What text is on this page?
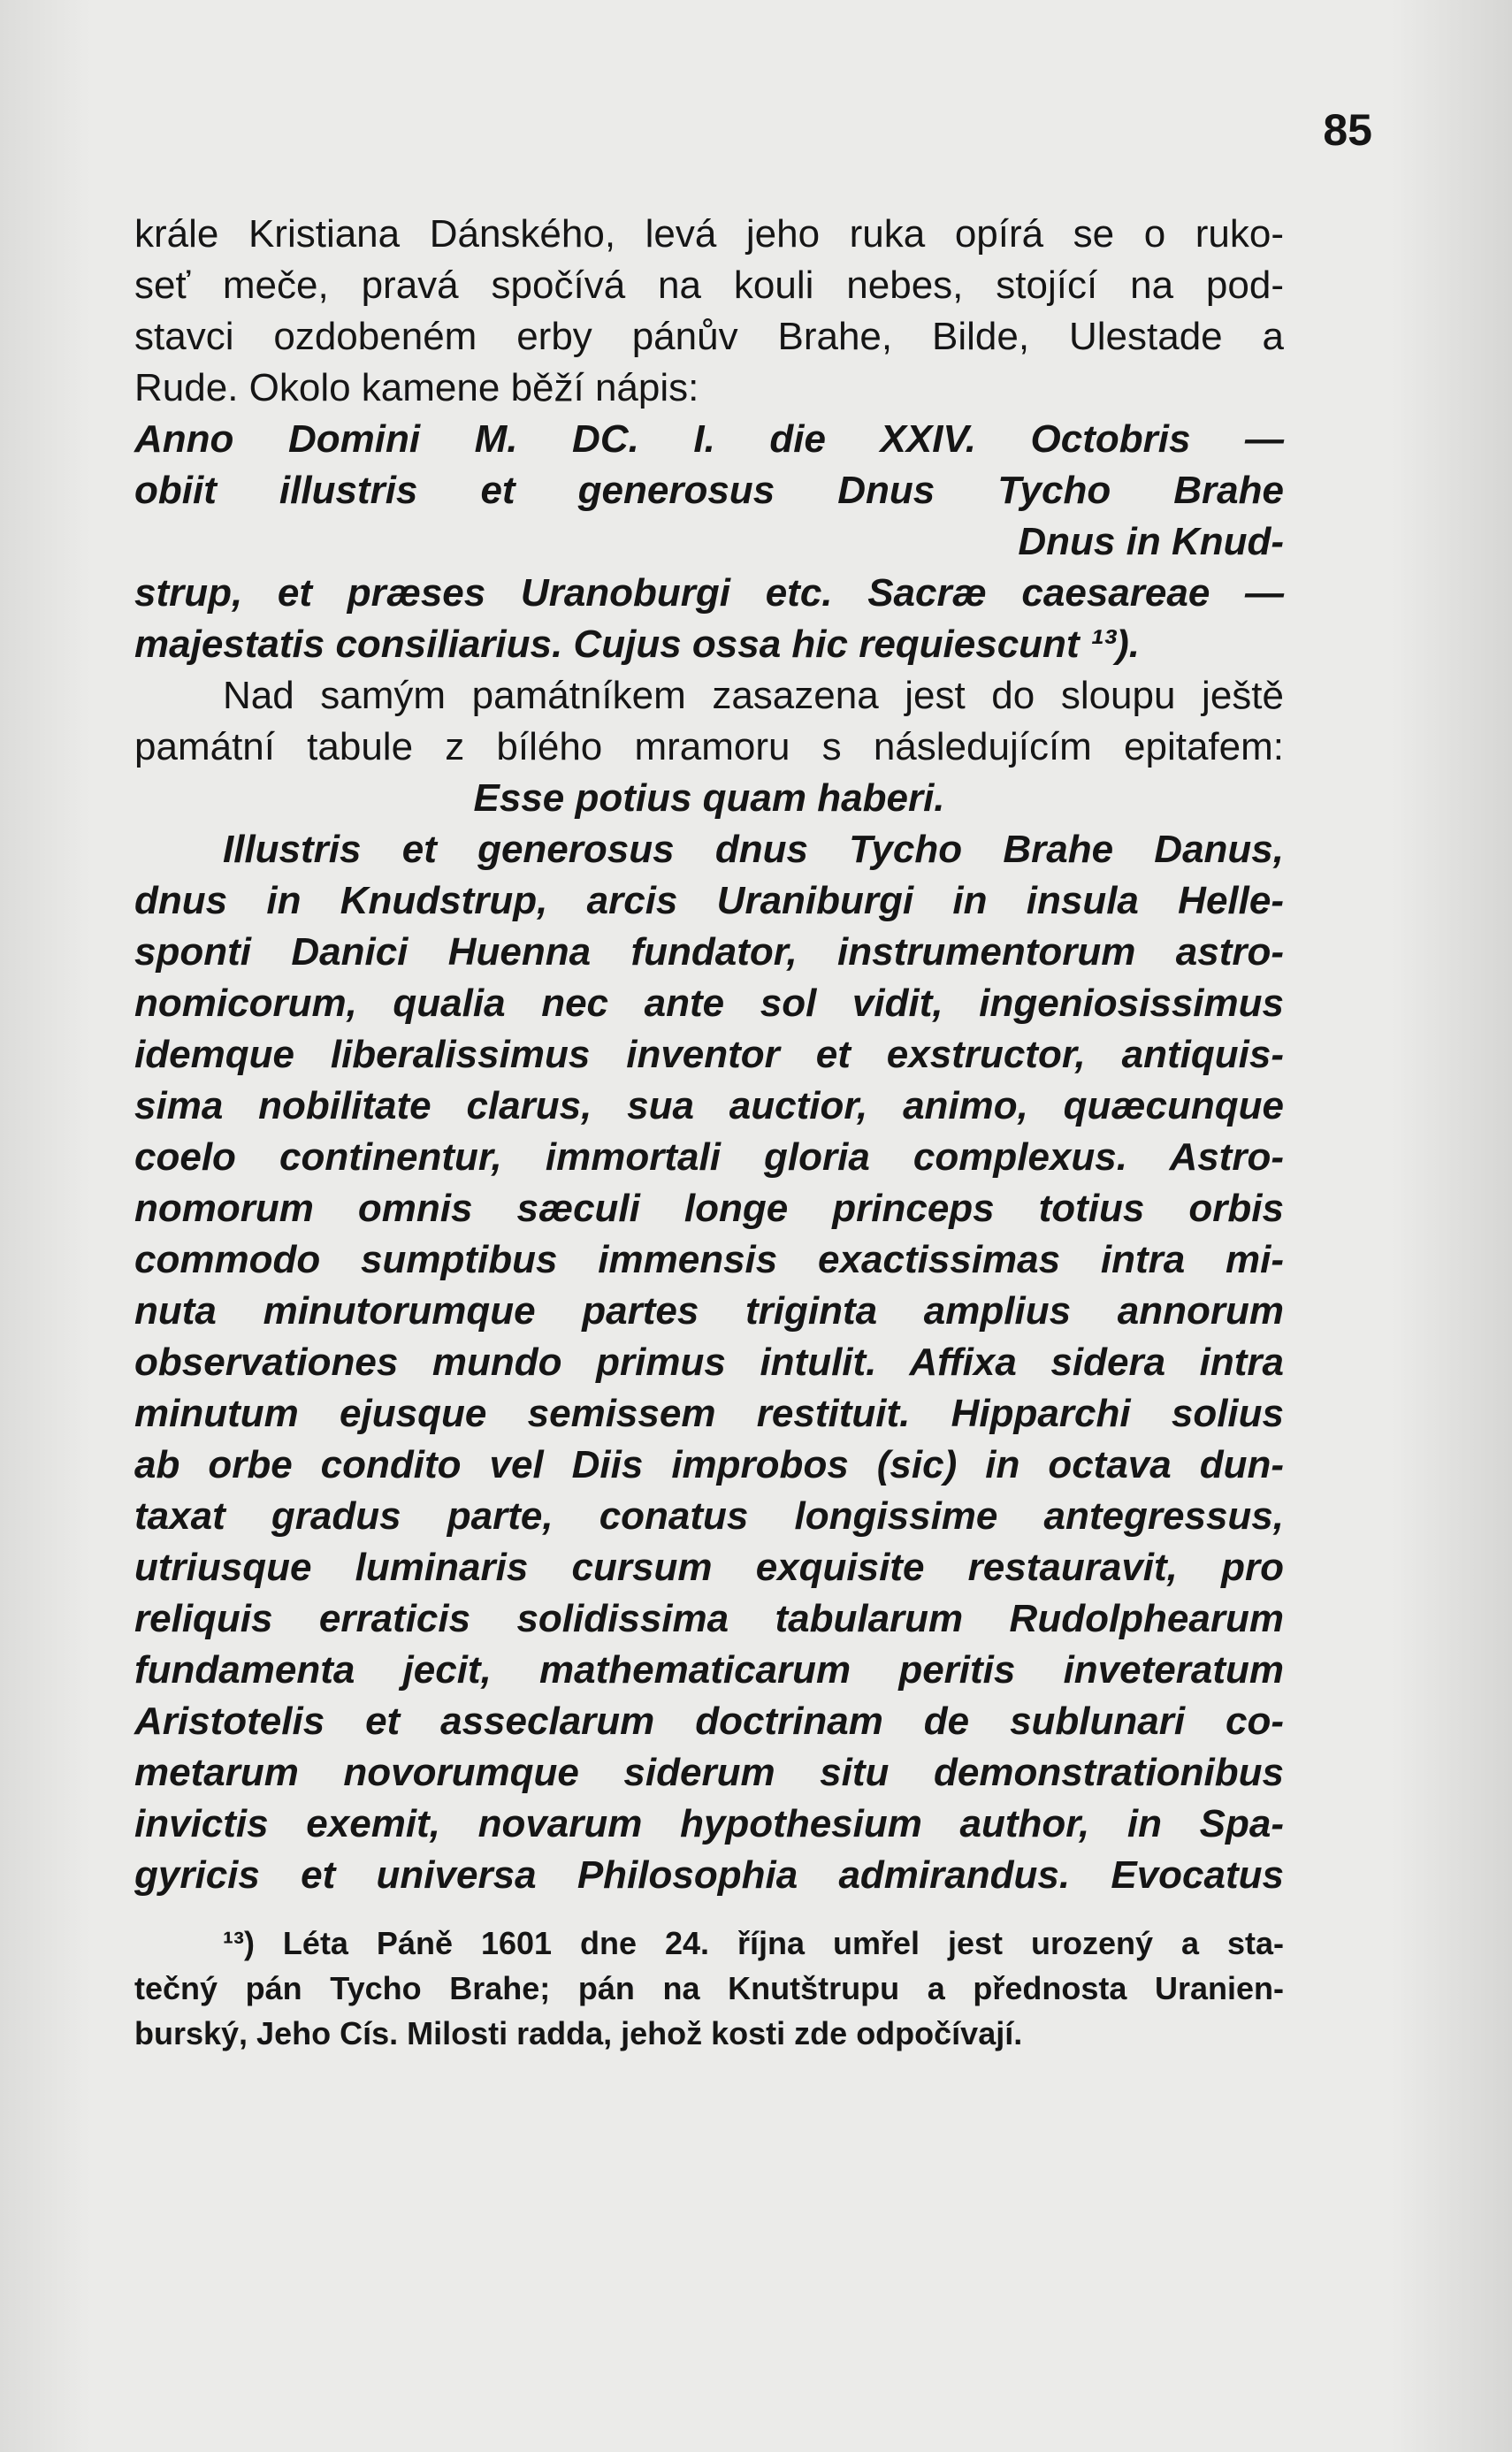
85
krále Kristiana Dánského, levá jeho ruka opírá se o ruko-
seť meče, pravá spočívá na kouli nebes, stojící na pod-
stavci ozdobeném erby pánův Brahe, Bilde, Ulestade a
Rude. Okolo kamene běží nápis:
Anno Domini M. DC. I. die XXIV. Octobris —
obiit illustris et generosus Dnus Tycho Brahe
Dnus in Knud-
strup, et præses Uranoburgi etc. Sacræ caesareae —
majestatis consiliarius. Cujus ossa hic requiescunt ¹³).
Nad samým památníkem zasazena jest do sloupu ještě
památní tabule z bílého mramoru s následujícím epitafem:
Esse potius quam haberi.
Illustris et generosus dnus Tycho Brahe Danus,
dnus in Knudstrup, arcis Uraniburgi in insula Helle-
sponti Danici Huenna fundator, instrumentorum astro-
nomicorum, qualia nec ante sol vidit, ingeniosissimus
idemque liberalissimus inventor et exstructor, antiquis-
sima nobilitate clarus, sua auctior, animo, quæcunque
coelo continentur, immortali gloria complexus. Astro-
nomorum omnis sæculi longe princeps totius orbis
commodo sumptibus immensis exactissimas intra mi-
nuta minutorumque partes triginta amplius annorum
observationes mundo primus intulit. Affixa sidera intra
minutum ejusque semissem restituit. Hipparchi solius
ab orbe condito vel Diis improbos (sic) in octava dun-
taxat gradus parte, conatus longissime antegressus,
utriusque luminaris cursum exquisite restauravit, pro
reliquis erraticis solidissima tabularum Rudolphearum
fundamenta jecit, mathematicarum peritis inveteratum
Aristotelis et asseclarum doctrinam de sublunari co-
metarum novorumque siderum situ demonstrationibus
invictis exemit, novarum hypothesium author, in Spa-
gyricis et universa Philosophia admirandus. Evocatus
¹³) Léta Páně 1601 dne 24. října umřel jest urozený a sta-
tečný pán Tycho Brahe; pán na Knutštrupu a přednosta Uranien-
burský, Jeho Cís. Milosti radda, jehož kosti zde odpočívají.
